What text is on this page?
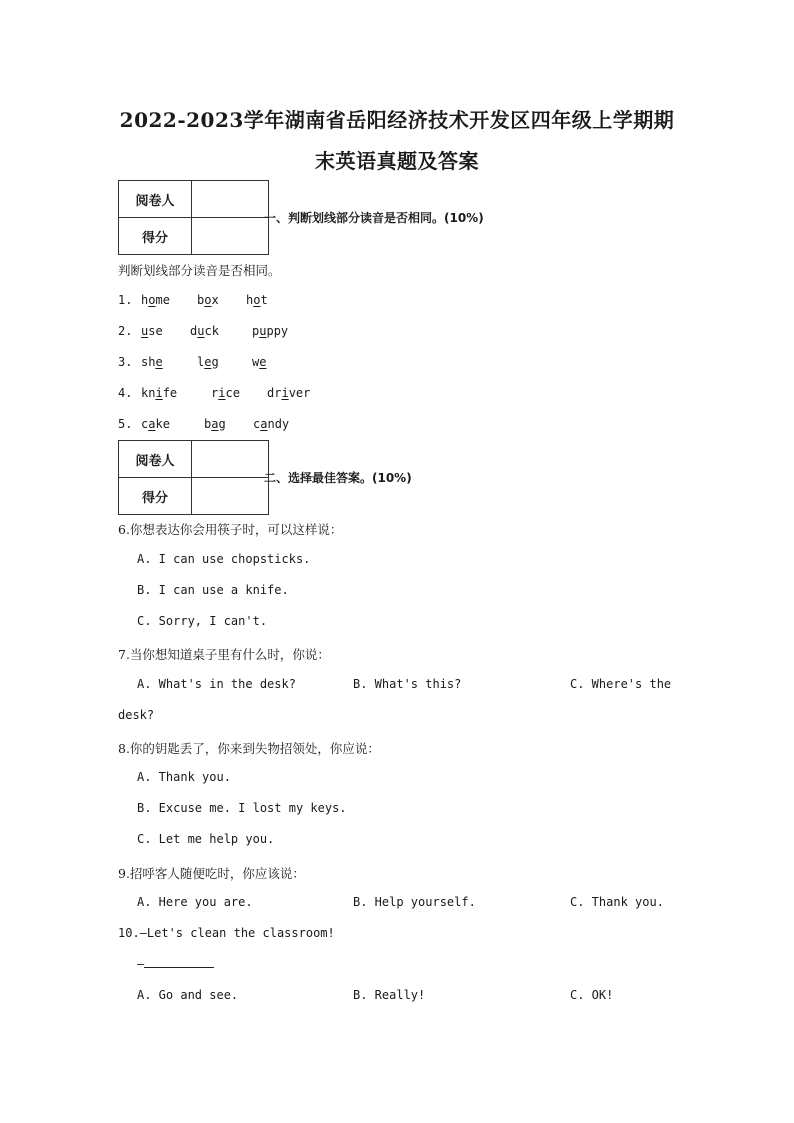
2022-2023学年湖南省岳阳经济技术开发区四年级上学期期
末英语真题及答案
阅卷人	
得分	
一、判断划线部分读音是否相同。(10%)
判断划线部分读音是否相同。
1. home box hot
2. use duck	puppy
3. she	leg	we
4. knife	rice driver
5. cake	bag candy
阅卷人	
得分	
二、选择最佳答案。(10%)
6.你想表达你会用筷子时，可以这样说：
A. I can use chopsticks.
B. I can use a knife.
C. Sorry, I can't.
7.当你想知道桌子里有什么时，你说：
A. What's in the desk?	B. What's this?	C. Where's the
desk?
8.你的钥匙丢了，你来到失物招领处，你应说：
A. Thank you.
B. Excuse me. I lost my keys.
C. Let me help you.
9.招呼客人随便吃时，你应该说：
A. Here you are.	B. Help yourself.	C. Thank you.
10.—Let's clean the classroom!
—
A. Go and see.	B. Really!	C. OK!
